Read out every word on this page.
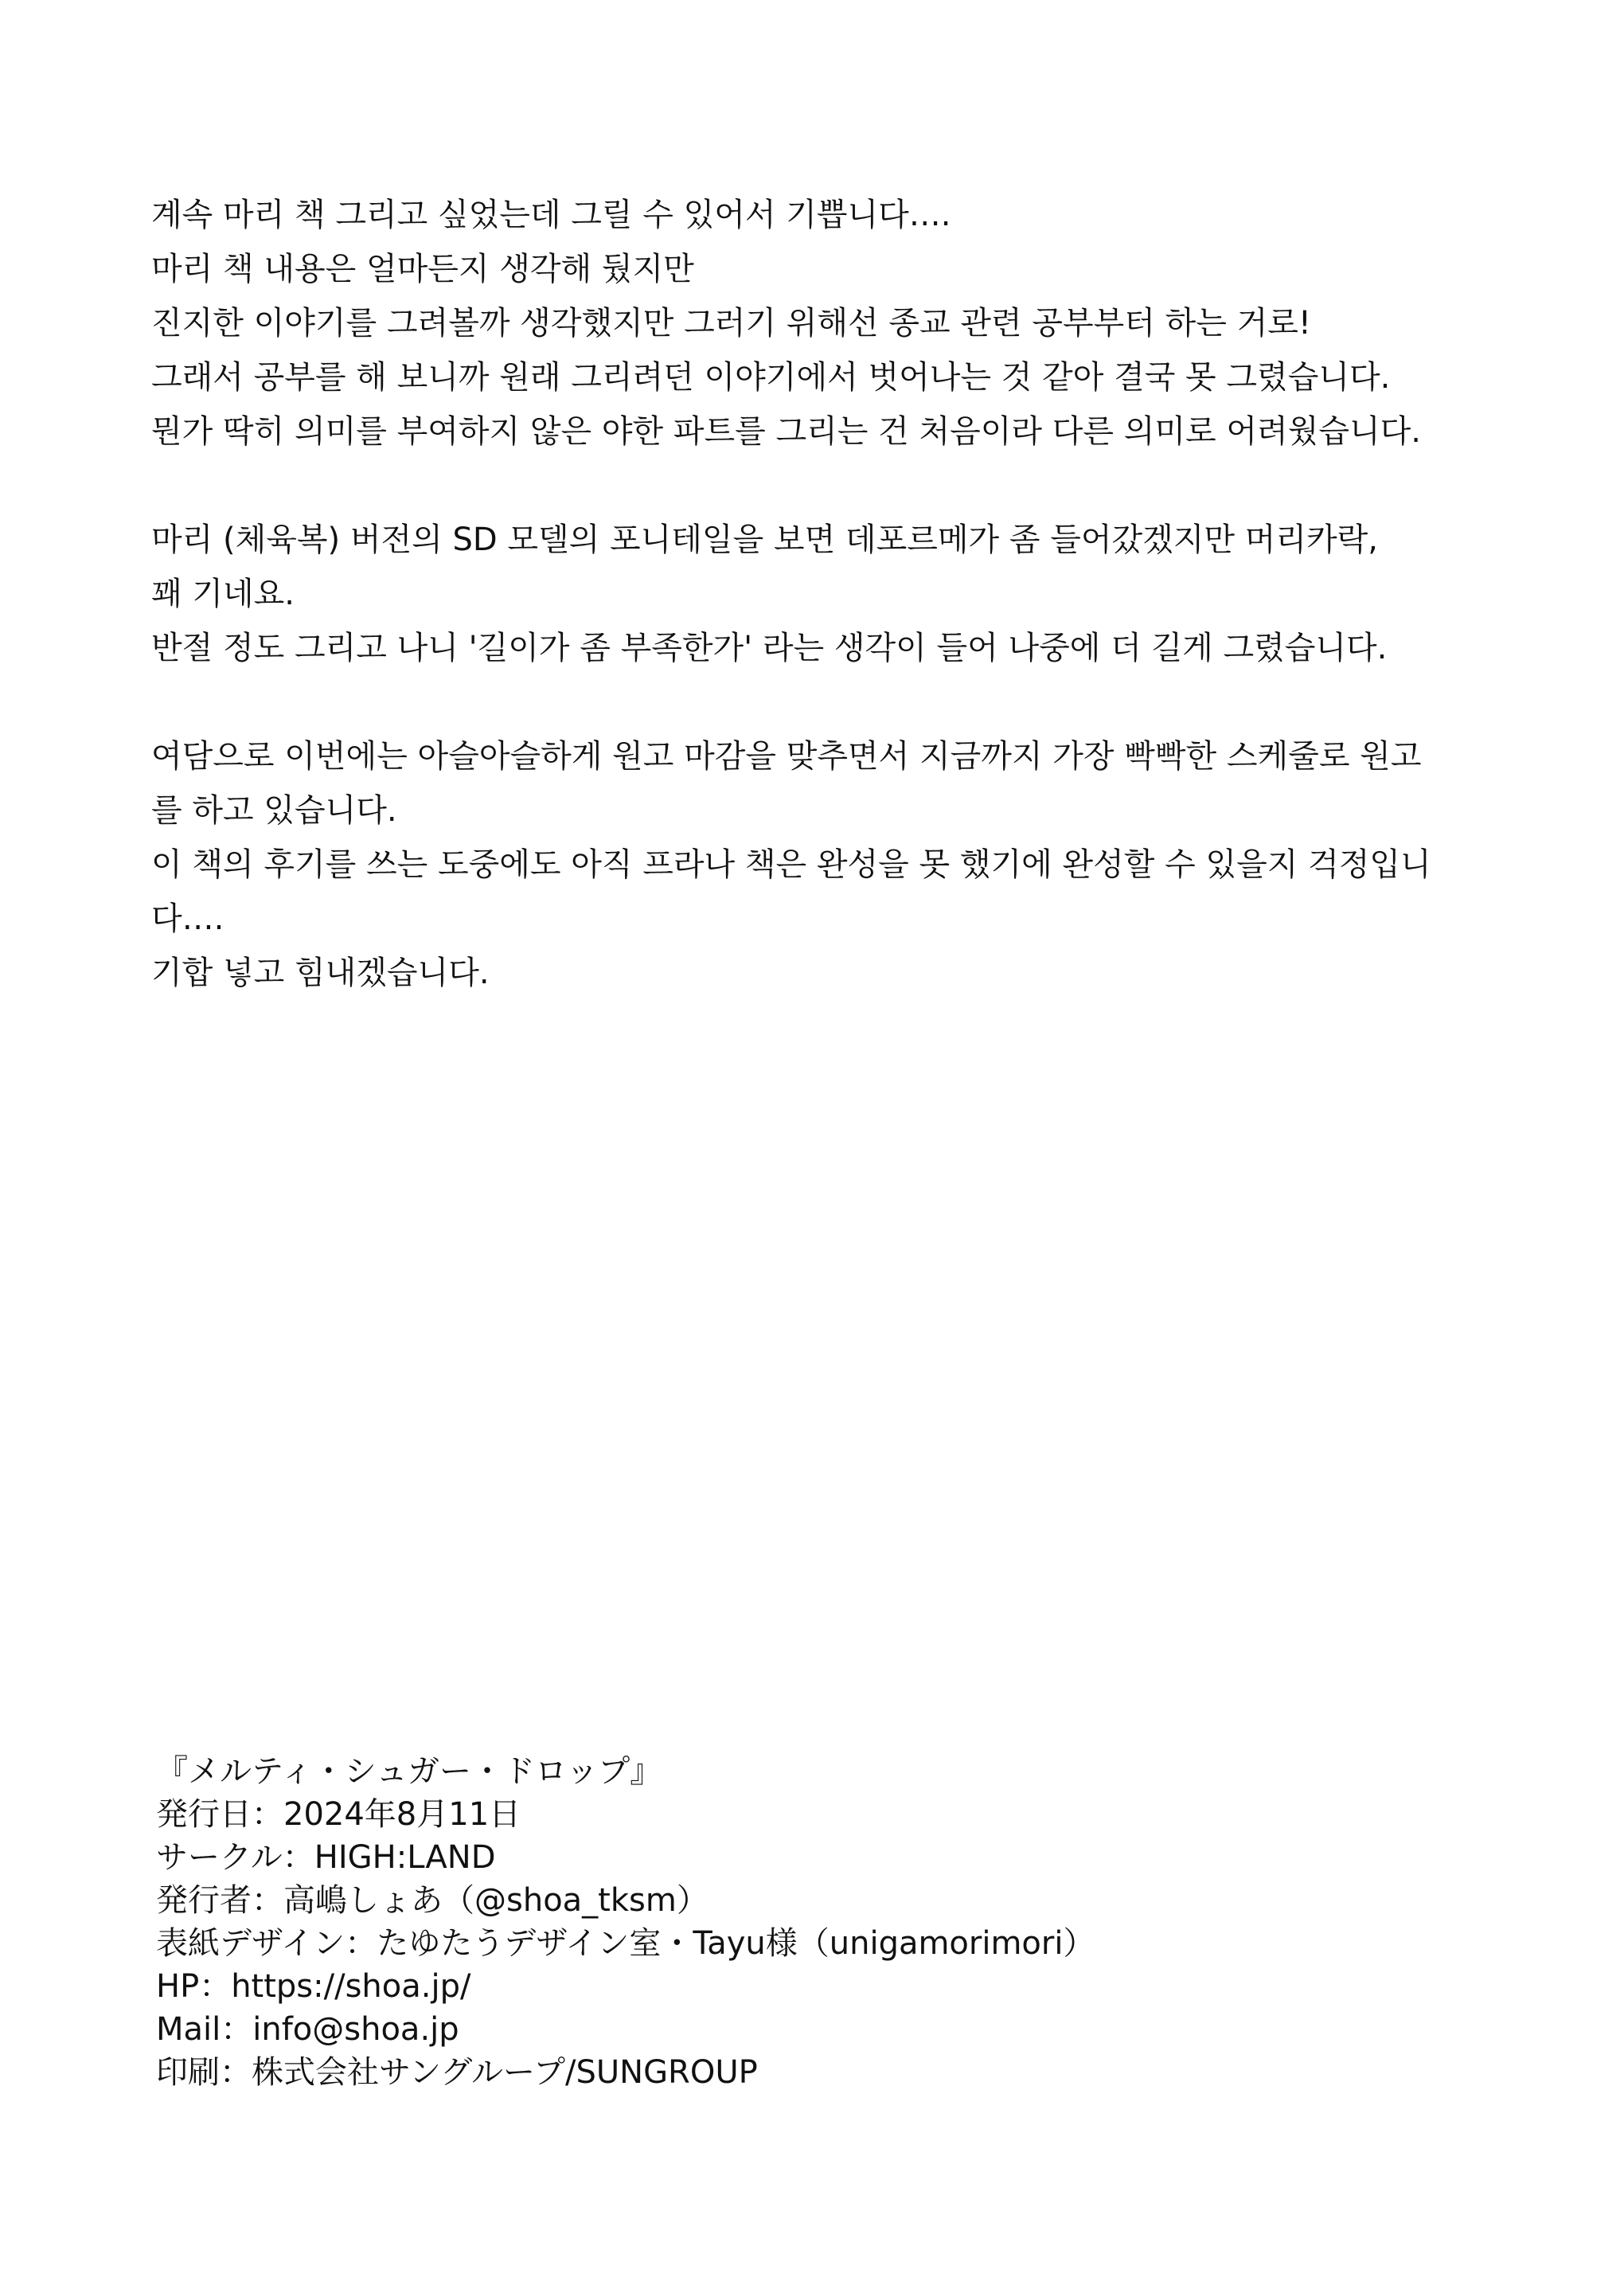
계속 마리 책 그리고 싶었는데 그릴 수 있어서 기쁩니다….
마리 책 내용은 얼마든지 생각해 뒀지만
진지한 이야기를 그려볼까 생각했지만 그러기 위해선 종교 관련 공부부터 하는 거로!
그래서 공부를 해 보니까 원래 그리려던 이야기에서 벗어나는 것 같아 결국 못 그렸습니다.
뭔가 딱히 의미를 부여하지 않은 야한 파트를 그리는 건 처음이라 다른 의미로 어려웠습니다.

마리 (체육복) 버전의 SD 모델의 포니테일을 보면 데포르메가 좀 들어갔겠지만 머리카락,
꽤 기네요.
반절 정도 그리고 나니 '길이가 좀 부족한가' 라는 생각이 들어 나중에 더 길게 그렸습니다.

여담으로 이번에는 아슬아슬하게 원고 마감을 맞추면서 지금까지 가장 빡빡한 스케줄로 원고
를 하고 있습니다.
이 책의 후기를 쓰는 도중에도 아직 프라나 책은 완성을 못 했기에 완성할 수 있을지 걱정입니
다….
기합 넣고 힘내겠습니다.

『メルティ・シュガー・ドロップ』
発行日：2024年8月11日
サークル：HIGH:LAND
発行者：高嶋しょあ（@shoa_tksm）
表紙デザイン：たゆたうデザイン室・Tayu様（unigamorimori）
HP：https://shoa.jp/
Mail：info@shoa.jp
印刷：株式会社サングループ/SUNGROUP
